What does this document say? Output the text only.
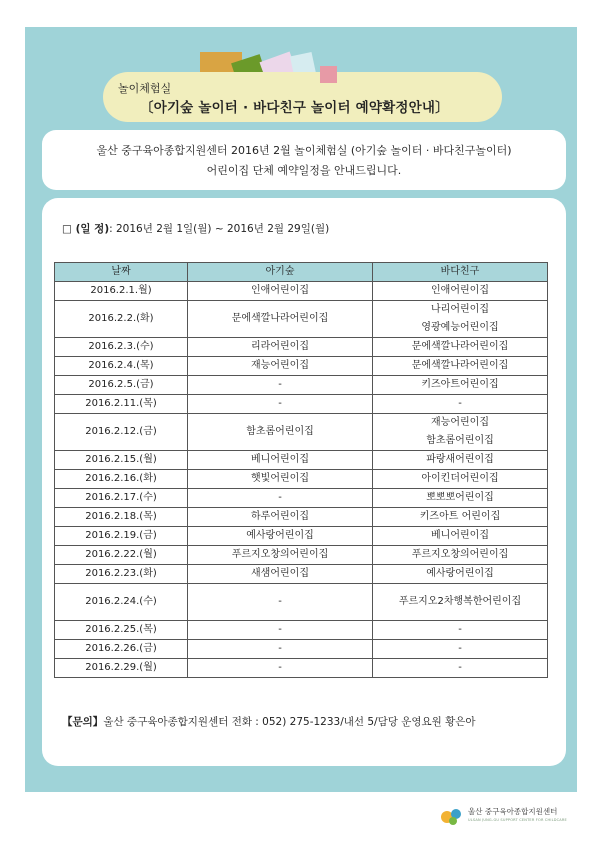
놀이체험실
〔아기숲 놀이터 · 바다친구 놀이터 예약확정안내〕
울산 중구육아종합지원센터 2016년 2월 놀이체험실 (아기숲 놀이터 · 바다친구놀이터)
어린이집 단체 예약일정을 안내드립니다.
□ (일 정): 2016년 2월 1일(월) ~ 2016년 2월 29일(월)
날짜	아기숲	바다친구
2016.2.1.월)	인애어린이집	인애어린이집

2016.2.2.(화)	문에색깔나라어린이집	나리어린이집
영광예능어린이집

2016.2.3.(수)	리라어린이집	문에색깔나라어린이집

2016.2.4.(목)	재능어린이집	문에색깔나라어린이집

2016.2.5.(금)	-	키즈아트어린이집

2016.2.11.(목)	-	-

2016.2.12.(금)	함초롬어린이집	재능어린이집
함초롬어린이집

2016.2.15.(월)	베니어린이집	파랑새어린이집

2016.2.16.(화)	햇빛어린이집	아이킨더어린이집

2016.2.17.(수)	-	뽀뽀뽀어린이집

2016.2.18.(목)	하루어린이집	키즈아트 어린이집

2016.2.19.(금)	예사랑어린이집	베니어린이집

2016.2.22.(월)	푸르지오창의어린이집	푸르지오창의어린이집

2016.2.23.(화)	새샘어린이집	예사랑어린이집

2016.2.24.(수)	-	푸르지오2차행복한어린이집

2016.2.25.(목)	-	-

2016.2.26.(금)	-	-

2016.2.29.(월)	-	-
【문의】울산 중구육아종합지원센터 전화 : 052) 275-1233/내선 5/담당 운영요원 황은아
울산 중구육아종합지원센터
ULSAN JUNG-GU SUPPORT CENTER FOR CHILDCARE
